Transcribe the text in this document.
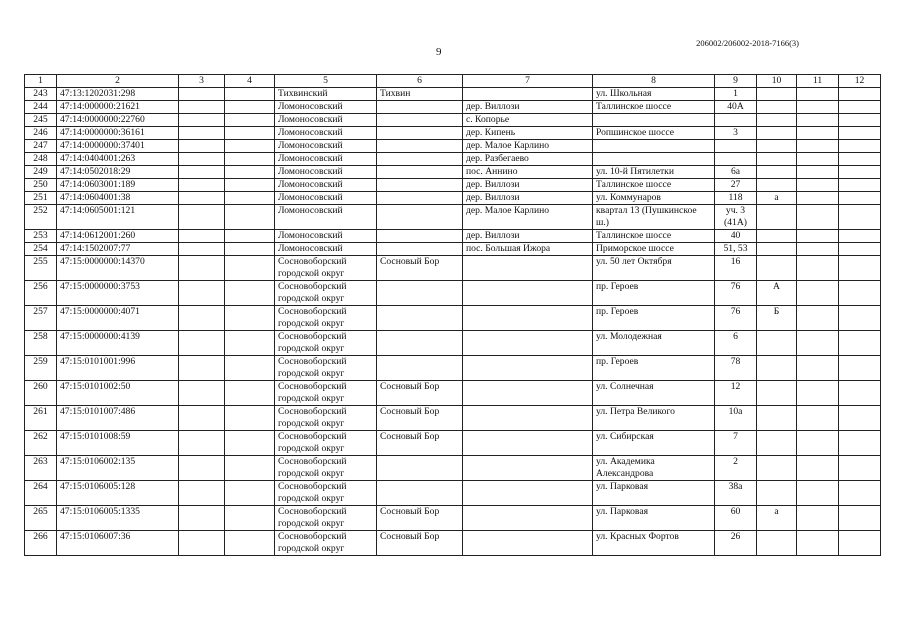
206002/206002-2018-7166(3)
9
1	2	3	4	5	6	7	8	9	10	11	12
243	47:13:1202031:298			Тихвинский	Тихвин		ул. Школьная	1			
244	47:14:000000:21621			Ломоносовский		дер. Виллози	Таллинское шоссе	40А			
245	47:14:0000000:22760			Ломоносовский		с. Копорье					
246	47:14:0000000:36161			Ломоносовский		дер. Кипень	Ропшинское шоссе	3			
247	47:14:0000000:37401			Ломоносовский		дер. Малое Карлино					
248	47:14:0404001:263			Ломоносовский		дер. Разбегаево					
249	47:14:0502018:29			Ломоносовский		пос. Аннино	ул. 10-й Пятилетки	6а			
250	47:14:0603001:189			Ломоносовский		дер. Виллози	Таллинское шоссе	27			
251	47:14:0604001:38			Ломоносовский		дер. Виллози	ул. Коммунаров	118	а		
252	47:14:0605001:121			Ломоносовский		дер. Малое Карлино	квартал 13 (Пушкинское ш.)	уч. 3 (41А)			
253	47:14:0612001:260			Ломоносовский		дер. Виллози	Таллинское шоссе	40			
254	47:14:1502007:77			Ломоносовский		пос. Большая Ижора	Приморское шоссе	51, 53			
255	47:15:0000000:14370			Сосновоборский городской округ	Сосновый Бор		ул. 50 лет Октября	16			
256	47:15:0000000:3753			Сосновоборский городской округ			пр. Героев	76	А		
257	47:15:0000000:4071			Сосновоборский городской округ			пр. Героев	76	Б		
258	47:15:0000000:4139			Сосновоборский городской округ			ул. Молодежная	6			
259	47:15:0101001:996			Сосновоборский городской округ			пр. Героев	78			
260	47:15:0101002:50			Сосновоборский городской округ	Сосновый Бор		ул. Солнечная	12			
261	47:15:0101007:486			Сосновоборский городской округ	Сосновый Бор		ул. Петра Великого	10а			
262	47:15:0101008:59			Сосновоборский городской округ	Сосновый Бор		ул. Сибирская	7			
263	47:15:0106002:135			Сосновоборский городской округ			ул. Академика Александрова	2			
264	47:15:0106005:128			Сосновоборский городской округ			ул. Парковая	38а			
265	47:15:0106005:1335			Сосновоборский городской округ	Сосновый Бор		ул. Парковая	60	а		
266	47:15:0106007:36			Сосновоборский городской округ	Сосновый Бор		ул. Красных Фортов	26			
